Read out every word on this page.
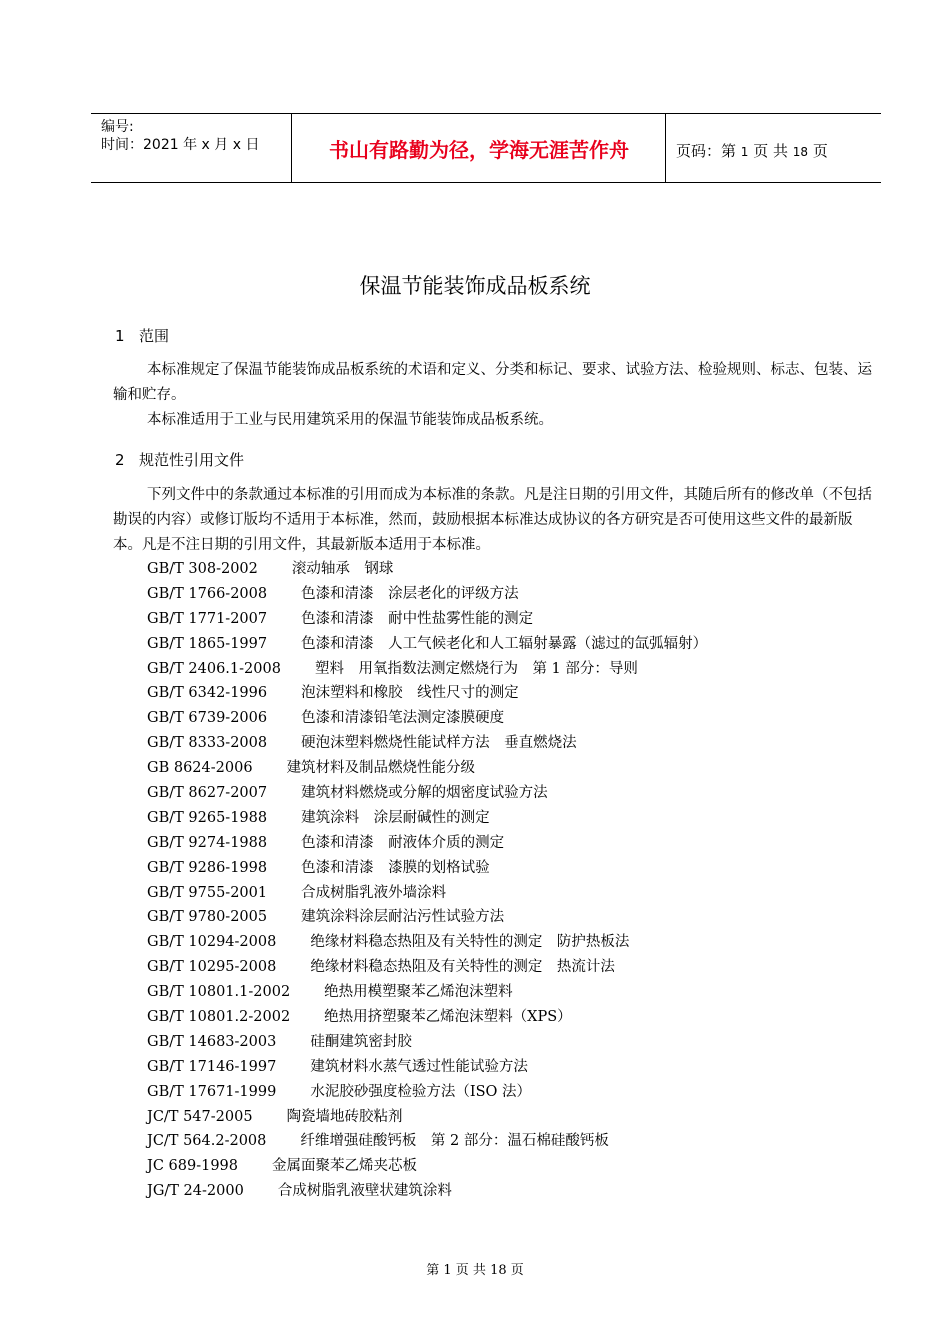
编号:
时间：2021 年 x 月 x 日	书山有路勤为径，学海无涯苦作舟	页码：第 1 页 共 18 页
保温节能装饰成品板系统
1 范围
本标准规定了保温节能装饰成品板系统的术语和定义、分类和标记、要求、试验方法、检验规则、标志、包装、运输和贮存。
本标准适用于工业与民用建筑采用的保温节能装饰成品板系统。
2 规范性引用文件
下列文件中的条款通过本标准的引用而成为本标准的条款。凡是注日期的引用文件，其随后所有的修改单（不包括勘误的内容）或修订版均不适用于本标准，然而，鼓励根据本标准达成协议的各方研究是否可使用这些文件的最新版本。凡是不注日期的引用文件，其最新版本适用于本标准。
GB/T 308-2002 滚动轴承　钢球
GB/T 1766-2008 色漆和清漆　涂层老化的评级方法
GB/T 1771-2007 色漆和清漆　耐中性盐雾性能的测定
GB/T 1865-1997 色漆和清漆　人工气候老化和人工辐射暴露（滤过的氙弧辐射）
GB/T 2406.1-2008 塑料　用氧指数法测定燃烧行为　第 1 部分：导则
GB/T 6342-1996 泡沫塑料和橡胶　线性尺寸的测定
GB/T 6739-2006 色漆和清漆铅笔法测定漆膜硬度
GB/T 8333-2008 硬泡沫塑料燃烧性能试样方法　垂直燃烧法
GB 8624-2006 建筑材料及制品燃烧性能分级
GB/T 8627-2007 建筑材料燃烧或分解的烟密度试验方法
GB/T 9265-1988 建筑涂料　涂层耐碱性的测定
GB/T 9274-1988 色漆和清漆　耐液体介质的测定
GB/T 9286-1998 色漆和清漆　漆膜的划格试验
GB/T 9755-2001 合成树脂乳液外墙涂料
GB/T 9780-2005 建筑涂料涂层耐沾污性试验方法
GB/T 10294-2008 绝缘材料稳态热阻及有关特性的测定　防护热板法
GB/T 10295-2008 绝缘材料稳态热阻及有关特性的测定　热流计法
GB/T 10801.1-2002 绝热用模塑聚苯乙烯泡沫塑料
GB/T 10801.2-2002 绝热用挤塑聚苯乙烯泡沫塑料（XPS）
GB/T 14683-2003 硅酮建筑密封胶
GB/T 17146-1997 建筑材料水蒸气透过性能试验方法
GB/T 17671-1999 水泥胶砂强度检验方法（ISO 法）
JC/T 547-2005 陶瓷墙地砖胶粘剂
JC/T 564.2-2008 纤维增强硅酸钙板　第 2 部分：温石棉硅酸钙板
JC 689-1998 金属面聚苯乙烯夹芯板
JG/T 24-2000 合成树脂乳液壁状建筑涂料
第 1 页 共 18 页
